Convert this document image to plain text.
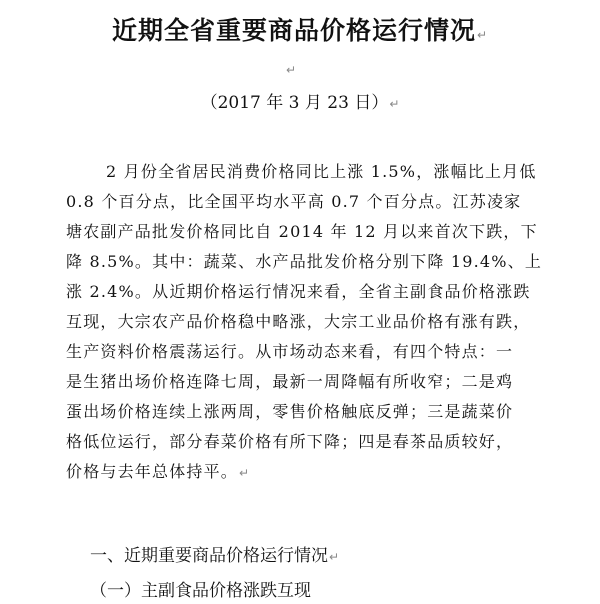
近期全省重要商品价格运行情况↵
↵
（2017 年 3 月 23 日）↵

2 月份全省居民消费价格同比上涨 1.5%，涨幅比上月低
0.8 个百分点，比全国平均水平高 0.7 个百分点。江苏凌家
塘农副产品批发价格同比自 2014 年 12 月以来首次下跌，下
降 8.5%。其中：蔬菜、水产品批发价格分别下降 19.4%、上
涨 2.4%。从近期价格运行情况来看，全省主副食品价格涨跌
互现，大宗农产品价格稳中略涨，大宗工业品价格有涨有跌，
生产资料价格震荡运行。从市场动态来看，有四个特点：一
是生猪出场价格连降七周，最新一周降幅有所收窄；二是鸡
蛋出场价格连续上涨两周，零售价格触底反弹；三是蔬菜价
格低位运行，部分春菜价格有所下降；四是春茶品质较好，
价格与去年总体持平。↵

一、近期重要商品价格运行情况↵
（一）主副食品价格涨跌互现
